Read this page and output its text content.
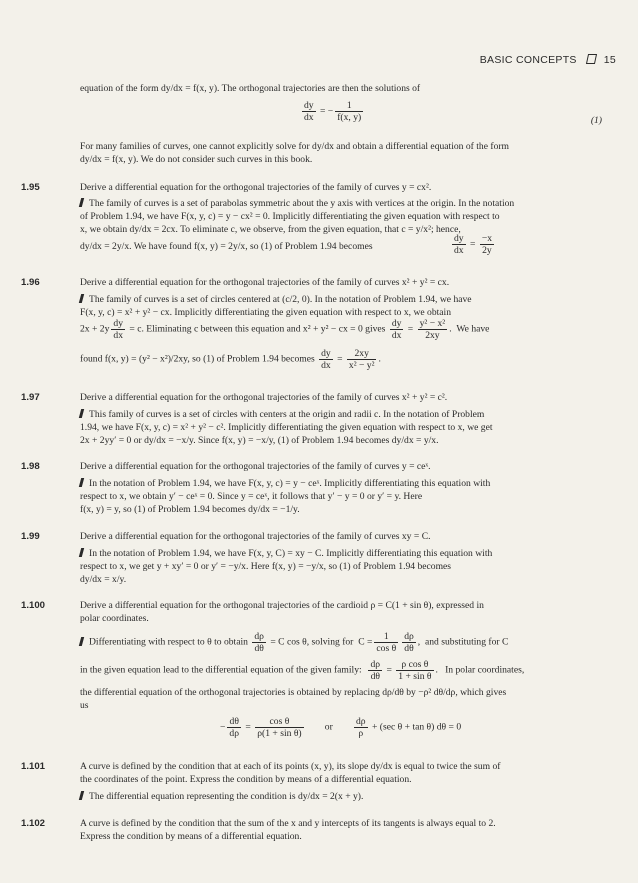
BASIC CONCEPTS	15
equation of the form dy/dx = f(x, y). The orthogonal trajectories are then the solutions of
$\frac{dy}{dx}$ = − $\frac{1}{f(x, y)}$	(1)
For many families of curves, one cannot explicitly solve for dy/dx and obtain a differential equation of the form
dy/dx = f(x, y). We do not consider such curves in this book.
1.95	Derive a differential equation for the orthogonal trajectories of the family of curves y = cx².
The family of curves is a set of parabolas symmetric about the y axis with vertices at the origin. In the notation
of Problem 1.94, we have F(x, y, c) = y − cx² = 0. Implicitly differentiating the given equation with respect to
x, we obtain dy/dx = 2cx. To eliminate c, we observe, from the given equation, that c = y/x²; hence,
dy/dx = 2y/x. We have found f(x, y) = 2y/x, so (1) of Problem 1.94 becomes	$\frac{dy}{dx} = \frac{-x}{2y}$
1.96	Derive a differential equation for the orthogonal trajectories of the family of curves x² + y² = cx.
The family of curves is a set of circles centered at (c/2, 0). In the notation of Problem 1.94, we have
F(x, y, c) = x² + y² − cx. Implicitly differentiating the given equation with respect to x, we obtain
$2x + 2y \frac{dy}{dx} = c$. Eliminating c between this equation and x² + y² − cx = 0 gives $\frac{dy}{dx} = \frac{\text{y² − x²}}{2xy}$ .  We have
found f(x, y) = (y² − x²)/2xy, so (1) of Problem 1.94 becomes $\frac{dy}{dx} = \frac{2xy}{\text{x² − y²}}$ .
1.97	Derive a differential equation for the orthogonal trajectories of the family of curves x² + y² = c².
This family of curves is a set of circles with centers at the origin and radii c. In the notation of Problem
1.94, we have F(x, y, c) = x² + y² − c². Implicitly differentiating the given equation with respect to x, we get
2x + 2yy′ = 0 or dy/dx = −x/y. Since f(x, y) = −x/y, (1) of Problem 1.94 becomes dy/dx = y/x.
1.98	Derive a differential equation for the orthogonal trajectories of the family of curves y = ceˣ.
In the notation of Problem 1.94, we have F(x, y, c) = y − ceˣ. Implicitly differentiating this equation with
respect to x, we obtain y′ − ceˣ = 0. Since y = ceˣ, it follows that y′ − y = 0 or y′ = y. Here
f(x, y) = y, so (1) of Problem 1.94 becomes dy/dx = −1/y.
1.99	Derive a differential equation for the orthogonal trajectories of the family of curves xy = C.
In the notation of Problem 1.94, we have F(x, y, C) = xy − C. Implicitly differentiating this equation with
respect to x, we get y + xy′ = 0 or y′ = −y/x. Here f(x, y) = −y/x, so (1) of Problem 1.94 becomes
dy/dx = x/y.
1.100	Derive a differential equation for the orthogonal trajectories of the cardioid ρ = C(1 + sin θ), expressed in
polar coordinates.
Differentiating with respect to θ to obtain $\frac{d\rho}{d\theta} = C$ cos θ, solving for $C = \frac{1}{\text{cos θ}} \frac{d\rho}{d\theta}$ ,  and substituting for C
in the given equation lead to the differential equation of the given family: $\frac{d\rho}{d\theta} = \frac{\text{ρ cos θ}}{\text{1 + sin θ}}$ .   In polar coordinates,
the differential equation of the orthogonal trajectories is obtained by replacing dρ/dθ by −ρ² dθ/dρ, which gives
us
− $\frac{d\theta}{d\rho} = \frac{\text{cos θ}}{\text{ρ(1 + sin θ)}}$ or $\frac{d\rho}{\rho} + (\sec$ θ + tan θ) dθ = 0
1.101	A curve is defined by the condition that at each of its points (x, y), its slope dy/dx is equal to twice the sum of
the coordinates of the point. Express the condition by means of a differential equation.
The differential equation representing the condition is dy/dx = 2(x + y).
1.102	A curve is defined by the condition that the sum of the x and y intercepts of its tangents is always equal to 2.
Express the condition by means of a differential equation.
